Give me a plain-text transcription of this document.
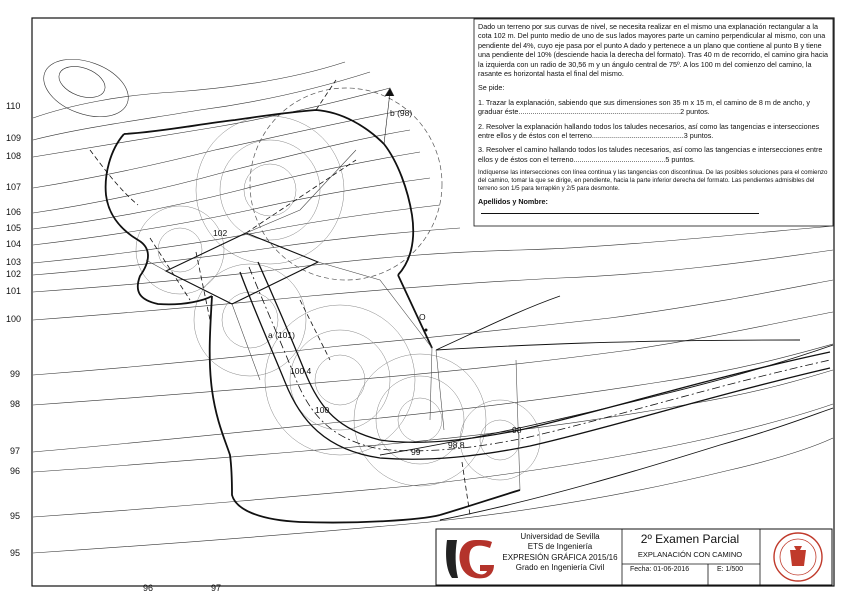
Dado un terreno por sus curvas de nivel, se necesita realizar en el mismo una explanación rectangular a la cota 102 m. Del punto medio de uno de sus lados mayores parte un camino perpendicular al mismo, con una pendiente del 4%, cuyo eje pasa por el punto A dado y pertenece a un plano que contiene al punto B y tiene una pendiente del 10% (desciende hacia la derecha del formato). Tras 40 m de recorrido, el camino gira hacia la izquierda con un radio de 30,56 m y un ángulo central de 75º. A los 100 m del comienzo del camino, la rasante es horizontal hasta el final del mismo.

Se pide:

1. Trazar la explanación, sabiendo que sus dimensiones son 35 m x 15 m, el camino de 8 m de ancho, y graduar éste.................................................................................2 puntos.
2. Resolver la explanación hallando todos los taludes necesarios, así como las tangencias e intersecciones entre ellos y de éstos con el terreno..............................................3 puntos.
3. Resolver el camino hallando todos los taludes necesarios, así como las tangencias e intersecciones entre ellos y de éstos con el terreno..............................................5 puntos.
Indíquense las intersecciones con línea continua y las tangencias con discontinua. De las posibles soluciones para el comienzo del camino, tomar la que se dirige, en pendiente, hacia la parte inferior derecha del formato. Las pendientes admisibles del terreno son 1/5 para terraplén y 2/5 para desmonte.
Apellidos y Nombre:
110
109
108
107
106
105
104
103
102
101
100
99
98
97
96
95
95
96	97
b (98)
a (101)
102
O
100.4
100
99
98.8
98
Universidad de Sevilla
ETS de Ingeniería
EXPRESIÓN GRÁFICA 2015/16
Grado en Ingeniería Civil
2º Examen Parcial
EXPLANACIÓN CON CAMINO
Fecha: 01-06-2016	E: 1/500
